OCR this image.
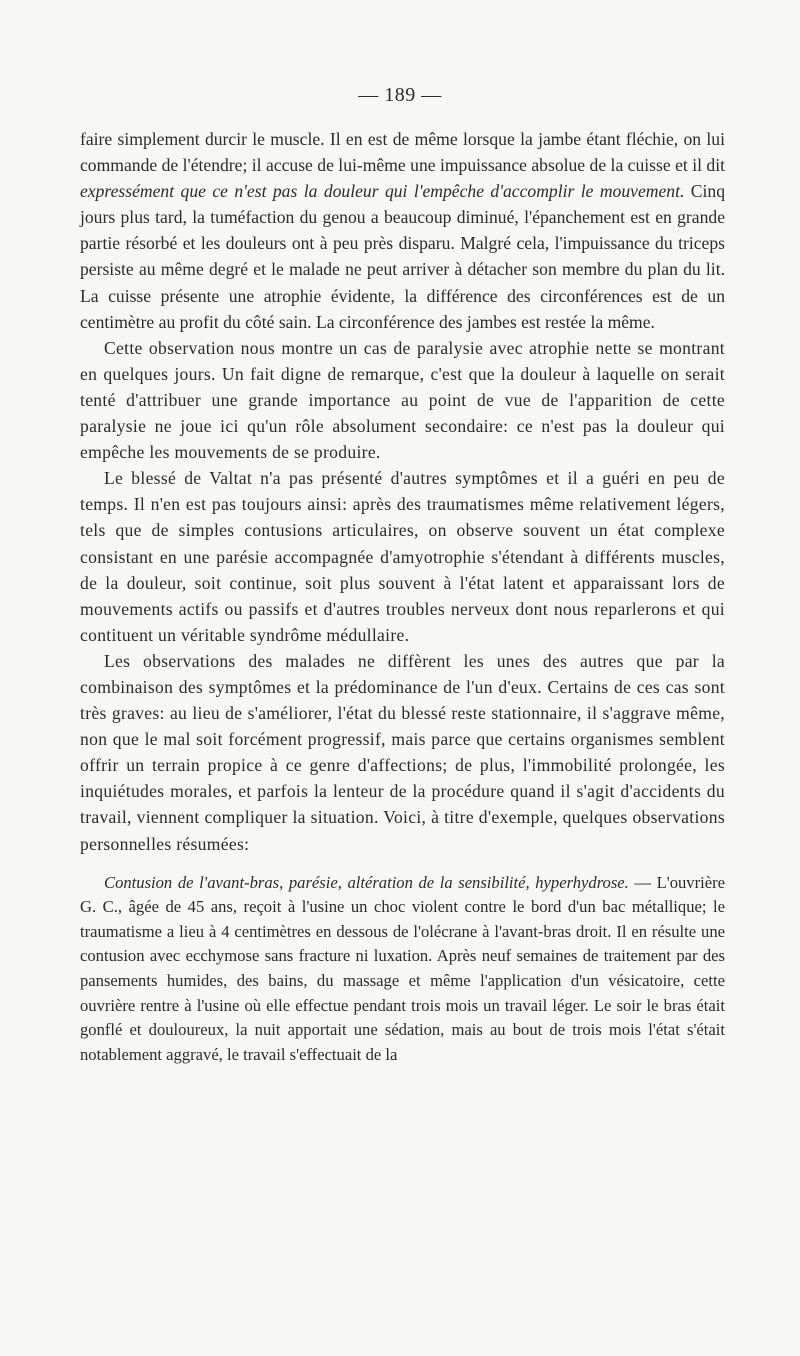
— 189 —

faire simplement durcir le muscle. Il en est de même lorsque la jambe étant fléchie, on lui commande de l'étendre; il accuse de lui-même une impuissance absolue de la cuisse et il dit expressément que ce n'est pas la douleur qui l'empêche d'accomplir le mouvement. Cinq jours plus tard, la tuméfaction du genou a beaucoup diminué, l'épanchement est en grande partie résorbé et les douleurs ont à peu près disparu. Malgré cela, l'impuissance du triceps persiste au même degré et le malade ne peut arriver à détacher son membre du plan du lit. La cuisse présente une atrophie évidente, la différence des circonférences est de un centimètre au profit du côté sain. La circonférence des jambes est restée la même.

Cette observation nous montre un cas de paralysie avec atrophie nette se montrant en quelques jours. Un fait digne de remarque, c'est que la douleur à laquelle on serait tenté d'attribuer une grande importance au point de vue de l'apparition de cette paralysie ne joue ici qu'un rôle absolument secondaire: ce n'est pas la douleur qui empêche les mouvements de se produire.

Le blessé de Valtat n'a pas présenté d'autres symptômes et il a guéri en peu de temps. Il n'en est pas toujours ainsi: après des traumatismes même relativement légers, tels que de simples contusions articulaires, on observe souvent un état complexe consistant en une parésie accompagnée d'amyotrophie s'étendant à différents muscles, de la douleur, soit continue, soit plus souvent à l'état latent et apparaissant lors de mouvements actifs ou passifs et d'autres troubles nerveux dont nous reparlerons et qui contituent un véritable syndrôme médullaire.

Les observations des malades ne diffèrent les unes des autres que par la combinaison des symptômes et la prédominance de l'un d'eux. Certains de ces cas sont très graves: au lieu de s'améliorer, l'état du blessé reste stationnaire, il s'aggrave même, non que le mal soit forcément progressif, mais parce que certains organismes semblent offrir un terrain propice à ce genre d'affections; de plus, l'immobilité prolongée, les inquiétudes morales, et parfois la lenteur de la procédure quand il s'agit d'accidents du travail, viennent compliquer la situation. Voici, à titre d'exemple, quelques observations personnelles résumées:

Contusion de l'avant-bras, parésie, altération de la sensibilité, hyperhydrose. — L'ouvrière G. C., âgée de 45 ans, reçoit à l'usine un choc violent contre le bord d'un bac métallique; le traumatisme a lieu à 4 centimètres en dessous de l'olécrane à l'avant-bras droit. Il en résulte une contusion avec ecchymose sans fracture ni luxation. Après neuf semaines de traitement par des pansements humides, des bains, du massage et même l'application d'un vésicatoire, cette ouvrière rentre à l'usine où elle effectue pendant trois mois un travail léger. Le soir le bras était gonflé et douloureux, la nuit apportait une sédation, mais au bout de trois mois l'état s'était notablement aggravé, le travail s'effectuait de la
